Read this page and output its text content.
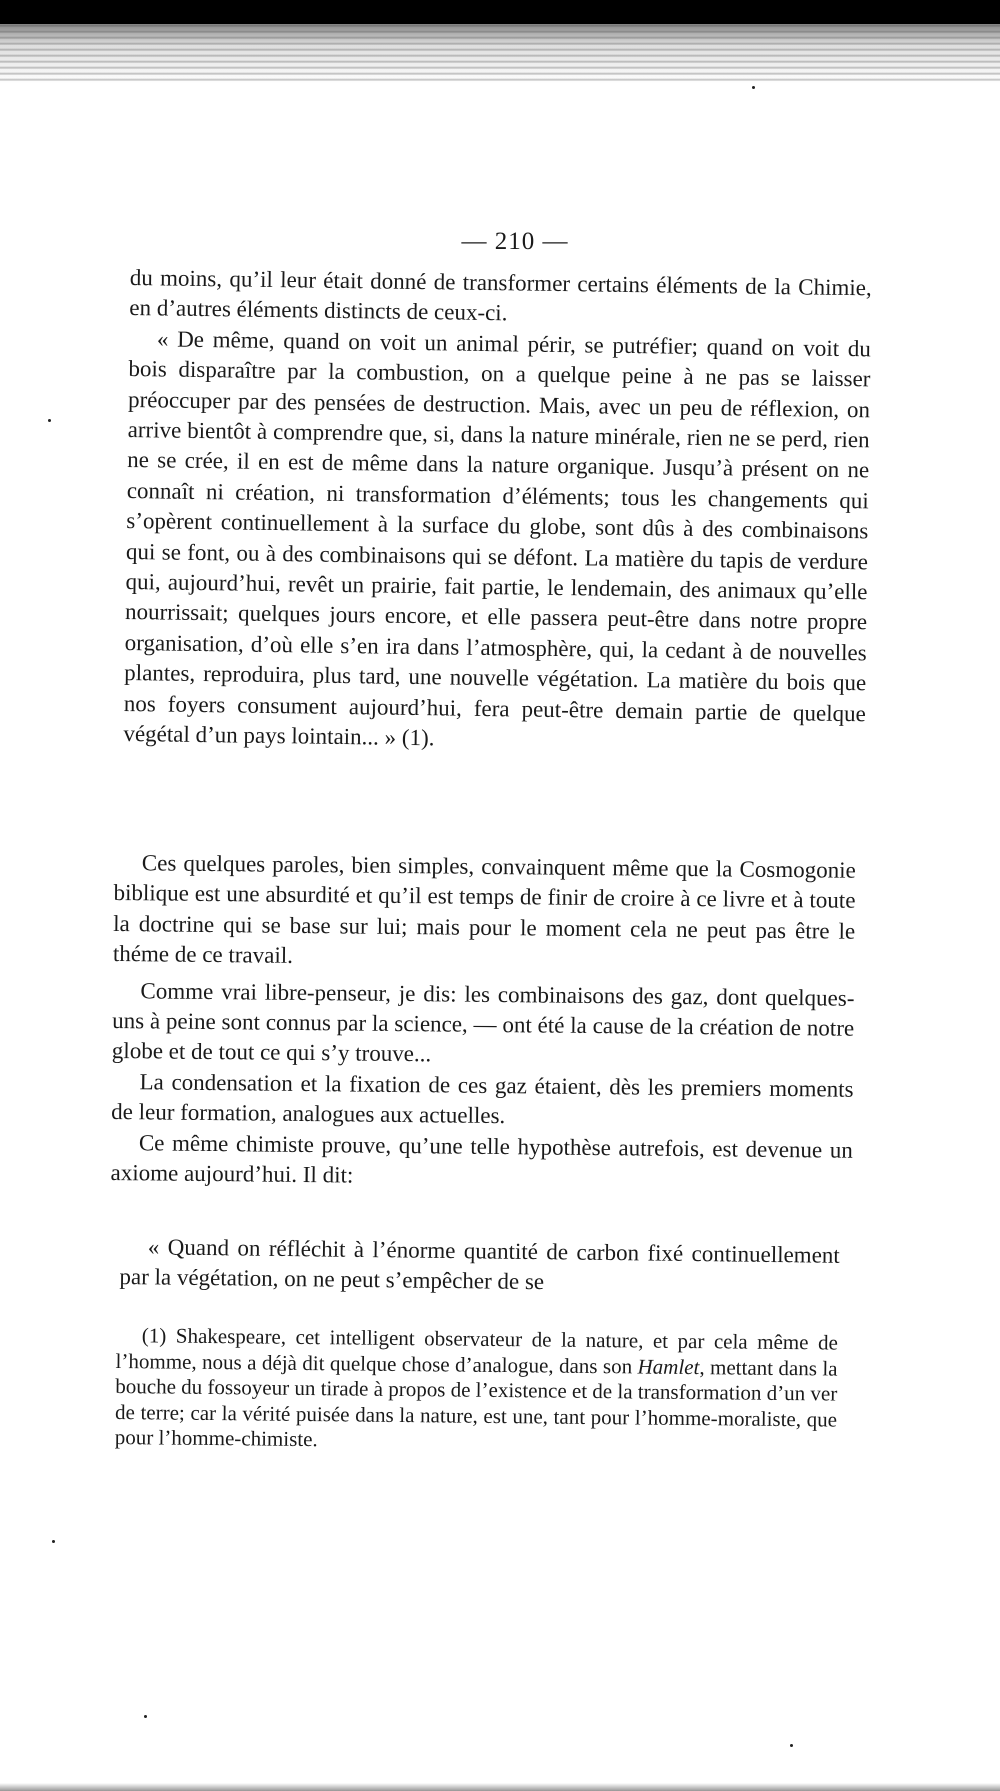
— 210 —

du moins, qu’il leur était donné de transformer certains éléments de la Chimie, en d’autres éléments distincts de ceux-ci.

« De même, quand on voit un animal périr, se putréfier; quand on voit du bois disparaître par la combustion, on a quelque peine à ne pas se laisser préoccuper par des pensées de destruction. Mais, avec un peu de réflexion, on arrive bientôt à comprendre que, si, dans la nature minérale, rien ne se perd, rien ne se crée, il en est de même dans la nature organique. Jusqu’à présent on ne connaît ni création, ni transformation d’éléments; tous les changements qui s’opèrent continuellement à la surface du globe, sont dûs à des combinaisons qui se font, ou à des combinaisons qui se défont. La matière du tapis de verdure qui, aujourd’hui, revêt un prairie, fait partie, le lendemain, des animaux qu’elle nourrissait; quelques jours encore, et elle passera peut-être dans notre propre organisation, d’où elle s’en ira dans l’atmosphère, qui, la cedant à de nouvelles plantes, reproduira, plus tard, une nouvelle végétation. La matière du bois que nos foyers consument aujourd’hui, fera peut-être demain partie de quelque végétal d’un pays lointain... » (1).

Ces quelques paroles, bien simples, convainquent même que la Cosmogonie biblique est une absurdité et qu’il est temps de finir de croire à ce livre et à toute la doctrine qui se base sur lui; mais pour le moment cela ne peut pas être le théme de ce travail.

Comme vrai libre-penseur, je dis: les combinaisons des gaz, dont quelques-uns à peine sont connus par la science, — ont été la cause de la création de notre globe et de tout ce qui s’y trouve...

La condensation et la fixation de ces gaz étaient, dès les premiers moments de leur formation, analogues aux actuelles.

Ce même chimiste prouve, qu’une telle hypothèse autrefois, est devenue un axiome aujourd’hui. Il dit:

« Quand on réfléchit à l’énorme quantité de carbon fixé continuellement par la végétation, on ne peut s’empêcher de se

(1) Shakespeare, cet intelligent observateur de la nature, et par cela même de l’homme, nous a déjà dit quelque chose d’analogue, dans son Hamlet, mettant dans la bouche du fossoyeur un tirade à propos de l’existence et de la transformation d’un ver de terre; car la vérité puisée dans la nature, est une, tant pour l’homme-moraliste, que pour l’homme-chimiste.
